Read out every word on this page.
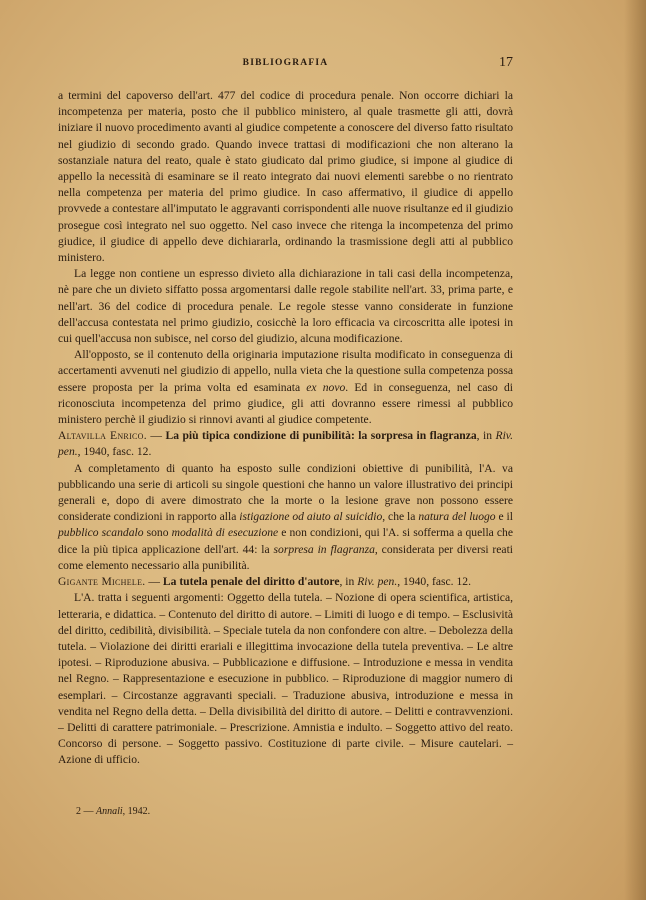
BIBLIOGRAFIA	17

a termini del capoverso dell'art. 477 del codice di procedura penale. Non occorre dichiari la incompetenza per materia, posto che il pubblico ministero, al quale trasmette gli atti, dovrà iniziare il nuovo procedimento avanti al giudice competente a conoscere del diverso fatto risultato nel giudizio di secondo grado. Quando invece trattasi di modificazioni che non alterano la sostanziale natura del reato, quale è stato giudicato dal primo giudice, si impone al giudice di appello la necessità di esaminare se il reato integrato dai nuovi elementi sarebbe o no rientrato nella competenza per materia del primo giudice. In caso affermativo, il giudice di appello provvede a contestare all'imputato le aggravanti corrispondenti alle nuove risultanze ed il giudizio prosegue così integrato nel suo oggetto. Nel caso invece che ritenga la incompetenza del primo giudice, il giudice di appello deve dichiararla, ordinando la trasmissione degli atti al pubblico ministero.

La legge non contiene un espresso divieto alla dichiarazione in tali casi della incompetenza, nè pare che un divieto siffatto possa argomentarsi dalle regole stabilite nell'art. 33, prima parte, e nell'art. 36 del codice di procedura penale. Le regole stesse vanno considerate in funzione dell'accusa contestata nel primo giudizio, cosicchè la loro efficacia va circoscritta alle ipotesi in cui quell'accusa non subisce, nel corso del giudizio, alcuna modificazione.

All'opposto, se il contenuto della originaria imputazione risulta modificato in conseguenza di accertamenti avvenuti nel giudizio di appello, nulla vieta che la questione sulla competenza possa essere proposta per la prima volta ed esaminata ex novo. Ed in conseguenza, nel caso di riconosciuta incompetenza del primo giudice, gli atti dovranno essere rimessi al pubblico ministero perchè il giudizio si rinnovi avanti al giudice competente.

Altavilla Enrico. — La più tipica condizione di punibilità: la sorpresa in flagranza, in Riv. pen., 1940, fasc. 12.

A completamento di quanto ha esposto sulle condizioni obiettive di punibilità, l'A. va pubblicando una serie di articoli su singole questioni che hanno un valore illustrativo dei principi generali e, dopo di avere dimostrato che la morte o la lesione grave non possono essere considerate condizioni in rapporto alla istigazione od aiuto al suicidio, che la natura del luogo e il pubblico scandalo sono modalità di esecuzione e non condizioni, qui l'A. si sofferma a quella che dice la più tipica applicazione dell'art. 44: la sorpresa in flagranza, considerata per diversi reati come elemento necessario alla punibilità.

Gigante Michele. — La tutela penale del diritto d'autore, in Riv. pen., 1940, fasc. 12.

L'A. tratta i seguenti argomenti: Oggetto della tutela. – Nozione di opera scientifica, artistica, letteraria, e didattica. – Contenuto del diritto di autore. – Limiti di luogo e di tempo. – Esclusività del diritto, cedibilità, divisibilità. – Speciale tutela da non confondere con altre. – Debolezza della tutela. – Violazione dei diritti erariali e illegittima invocazione della tutela preventiva. – Le altre ipotesi. – Riproduzione abusiva. – Pubblicazione e diffusione. – Introduzione e messa in vendita nel Regno. – Rappresentazione e esecuzione in pubblico. – Riproduzione di maggior numero di esemplari. – Circostanze aggravanti speciali. – Traduzione abusiva, introduzione e messa in vendita nel Regno della detta. – Della divisibilità del diritto di autore. – Delitti e contravvenzioni. – Delitti di carattere patrimoniale. – Prescrizione. Amnistia e indulto. – Soggetto attivo del reato. Concorso di persone. – Soggetto passivo. Costituzione di parte civile. – Misure cautelari. – Azione di ufficio.

2 — Annali, 1942.
